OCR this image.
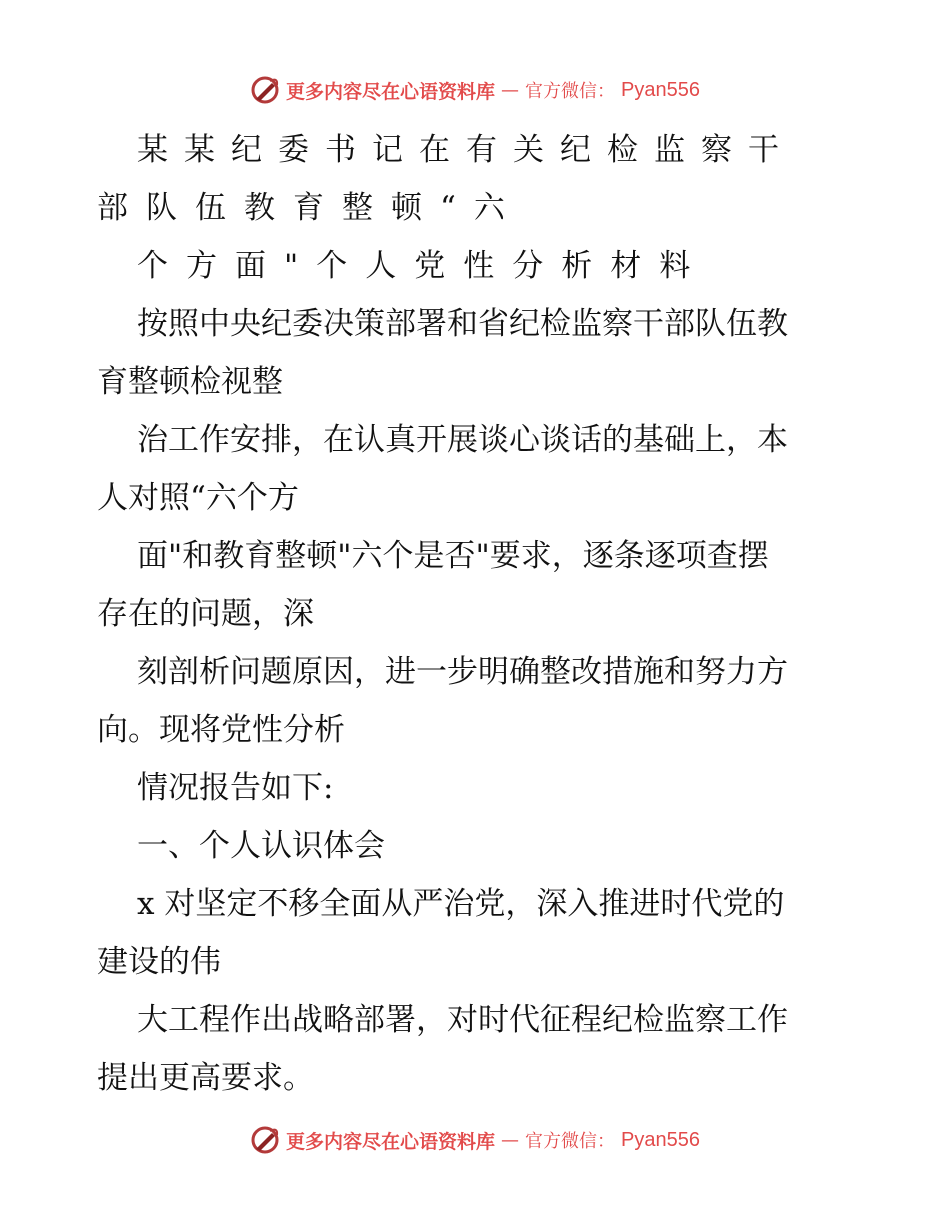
更多内容尽在心语资料库 — 官方微信： Pyan556
某某纪委书记在有关纪检监察干
部队伍教育整顿“六
个方面"个人党性分析材料
按照中央纪委决策部署和省纪检监察干部队伍教
育整顿检视整
治工作安排，在认真开展谈心谈话的基础上，本
人对照“六个方
面"和教育整顿"六个是否"要求，逐条逐项查摆
存在的问题，深
刻剖析问题原因，进一步明确整改措施和努力方
向。现将党性分析
情况报告如下:
一、个人认识体会
x 对坚定不移全面从严治党，深入推进时代党的
建设的伟
大工程作出战略部署，对时代征程纪检监察工作
提出更高要求。
更多内容尽在心语资料库 — 官方微信： Pyan556
